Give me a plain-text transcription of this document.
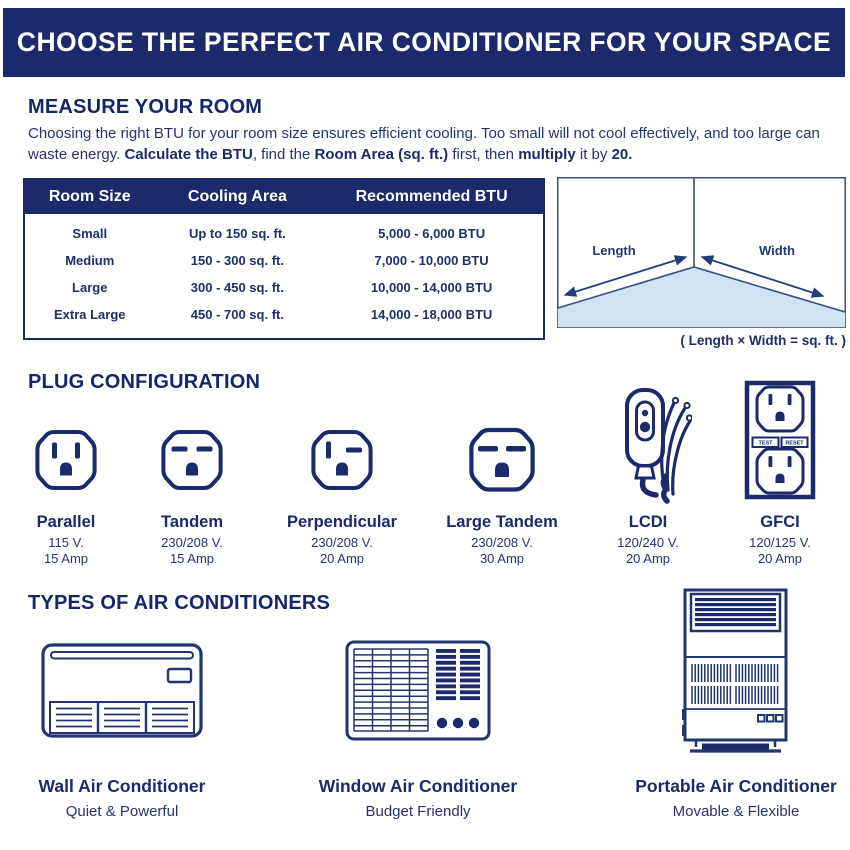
CHOOSE THE PERFECT AIR CONDITIONER FOR YOUR SPACE
MEASURE YOUR ROOM

Choosing the right BTU for your room size ensures efficient cooling. Too small will not cool effectively, and too large can waste energy. Calculate the BTU, find the Room Area (sq. ft.) first, then multiply it by 20.

Room Size	Cooling Area	Recommended BTU
Small	Up to 150 sq. ft.	5,000 - 6,000 BTU
Medium	150 - 300 sq. ft.	7,000 - 10,000 BTU
Large	300 - 450 sq. ft.	10,000 - 14,000 BTU
Extra Large	450 - 700 sq. ft.	14,000 - 18,000 BTU
Length	Width
( Length × Width = sq. ft. )
PLUG CONFIGURATION
Parallel
115 V.
15 Amp
Tandem
230/208 V.
15 Amp
Perpendicular
230/208 V.
20 Amp
Large Tandem
230/208 V.
30 Amp
LCDI
120/240 V.
20 Amp
TEST RESET
GFCI
120/125 V.
20 Amp
TYPES OF AIR CONDITIONERS
Wall Air Conditioner
Quiet & Powerful
Window Air Conditioner
Budget Friendly
Portable Air Conditioner
Movable & Flexible
